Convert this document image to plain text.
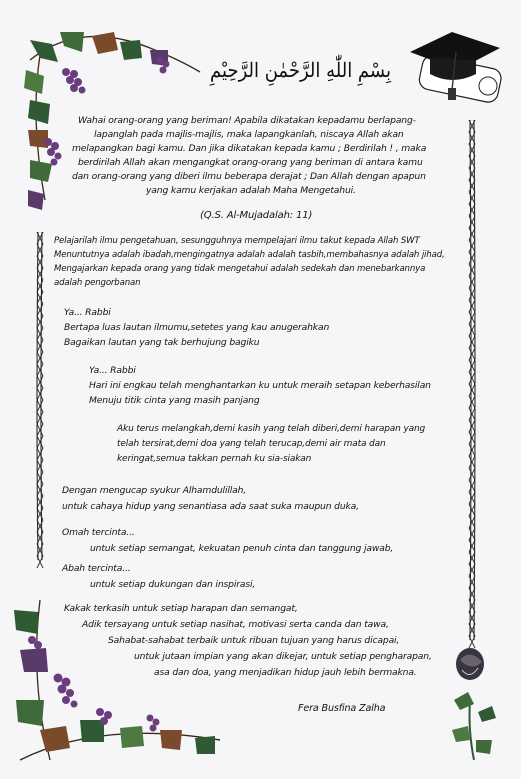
بِسْمِ اللّٰهِ الرَّحْمٰنِ الرَّحِيْمِ
Wahai orang-orang yang beriman! Apabila dikatakan kepadamu berlapang-
lapanglah pada majlis-majlis, maka lapangkanlah, niscaya Allah akan
melapangkan bagi kamu. Dan jika dikatakan kepada kamu ; Berdirilah ! , maka
berdirilah Allah akan mengangkat orang-orang yang beriman di antara kamu
dan orang-orang yang diberi ilmu beberapa derajat ; Dan Allah dengan apapun
yang kamu kerjakan adalah Maha Mengetahui.
(Q.S. Al-Mujadalah: 11)
Pelajarilah ilmu pengetahuan, sesungguhnya mempelajari ilmu takut kepada Allah SWT
Menuntutnya adalah ibadah,mengingatnya adalah adalah tasbih,membahasnya adalah jihad,
Mengajarkan kepada orang yang tidak mengetahui adalah sedekah dan menebarkannya
adalah pengorbanan
Ya... Rabbi
Bertapa luas lautan ilmumu,setetes yang kau anugerahkan
Bagaikan lautan yang tak berhujung bagiku
Ya... Rabbi
Hari ini engkau telah menghantarkan ku untuk meraih setapan keberhasilan
Menuju titik cinta yang masih panjang
Aku terus melangkah,demi kasih yang telah diberi,demi harapan yang
telah tersirat,demi doa yang telah terucap,demi air mata dan
keringat,semua takkan pernah ku sia-siakan
Dengan mengucap syukur Alhamdulillah,
untuk cahaya hidup yang senantiasa ada saat suka maupun duka,
Omah tercinta...
untuk setiap semangat, kekuatan penuh cinta dan tanggung jawab,
Abah tercinta...
untuk setiap dukungan dan inspirasi,
Kakak terkasih untuk setiap harapan dan semangat,
Adik tersayang untuk setiap nasihat, motivasi serta canda dan tawa,
Sahabat-sahabat terbaik untuk ribuan tujuan yang harus dicapai,
untuk jutaan impian yang akan dikejar, untuk setiap pengharapan,
asa dan doa, yang menjadikan hidup jauh lebih bermakna.
Fera Busfina Zalha
